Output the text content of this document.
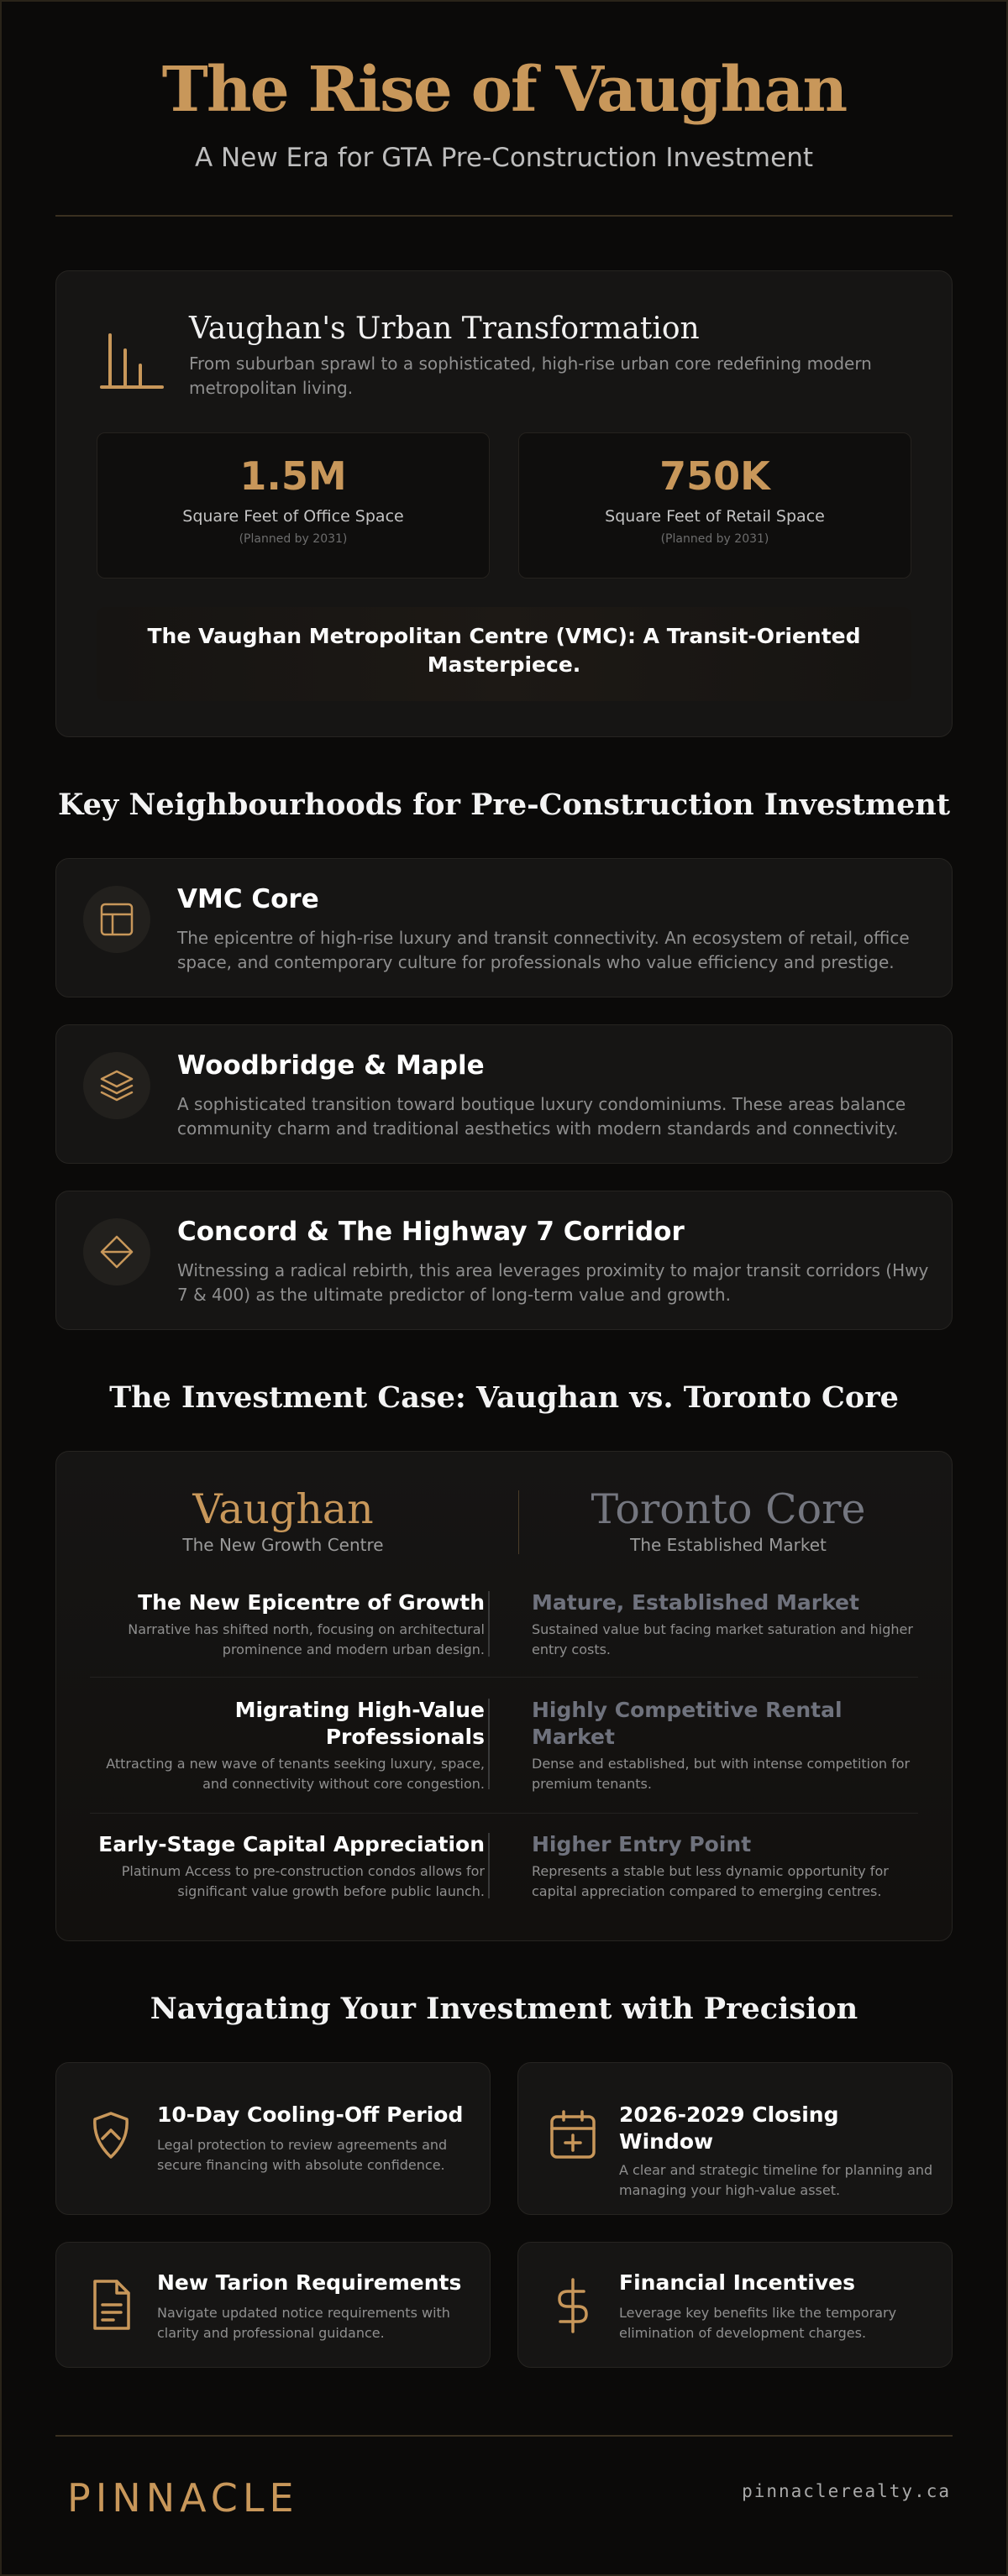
The Rise of Vaughan
A New Era for GTA Pre-Construction Investment
Vaughan's Urban Transformation
From suburban sprawl to a sophisticated, high-rise urban core redefining modern metropolitan living.
1.5M
Square Feet of Office Space
(Planned by 2031)
750K
Square Feet of Retail Space
(Planned by 2031)
The Vaughan Metropolitan Centre (VMC): A Transit-Oriented Masterpiece.
Key Neighbourhoods for Pre-Construction Investment
VMC Core
The epicentre of high-rise luxury and transit connectivity. An ecosystem of retail, office space, and contemporary culture for professionals who value efficiency and prestige.
Woodbridge & Maple
A sophisticated transition toward boutique luxury condominiums. These areas balance community charm and traditional aesthetics with modern standards and connectivity.
Concord & The Highway 7 Corridor
Witnessing a radical rebirth, this area leverages proximity to major transit corridors (Hwy 7 & 400) as the ultimate predictor of long-term value and growth.
The Investment Case: Vaughan vs. Toronto Core
Vaughan
The New Growth Centre
Toronto Core
The Established Market
The New Epicentre of Growth
Narrative has shifted north, focusing on architectural prominence and modern urban design.
Mature, Established Market
Sustained value but facing market saturation and higher entry costs.
Migrating High-Value Professionals
Attracting a new wave of tenants seeking luxury, space, and connectivity without core congestion.
Highly Competitive Rental Market
Dense and established, but with intense competition for premium tenants.
Early-Stage Capital Appreciation
Platinum Access to pre-construction condos allows for significant value growth before public launch.
Higher Entry Point
Represents a stable but less dynamic opportunity for capital appreciation compared to emerging centres.
Navigating Your Investment with Precision
10-Day Cooling-Off Period
Legal protection to review agreements and secure financing with absolute confidence.
2026-2029 Closing Window
A clear and strategic timeline for planning and managing your high-value asset.
New Tarion Requirements
Navigate updated notice requirements with clarity and professional guidance.
Financial Incentives
Leverage key benefits like the temporary elimination of development charges.
PINNACLE	pinnaclerealty.ca
